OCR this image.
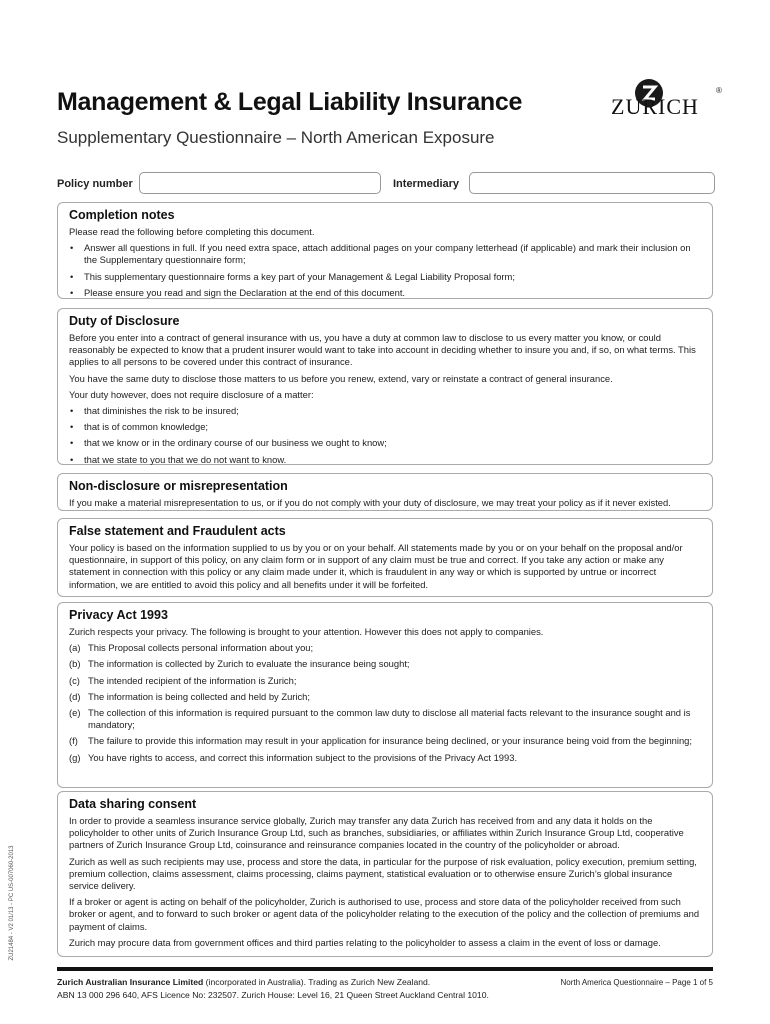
Management & Legal Liability Insurance
Supplementary Questionnaire – North American Exposure
ZURICH
®
Policy number	Intermediary
Completion notes

Please read the following before completing this document.

•	Answer all questions in full. If you need extra space, attach additional pages on your company letterhead (if applicable) and mark their inclusion on the Supplementary questionnaire form;
•	This supplementary questionnaire forms a key part of your Management & Legal Liability Proposal form;
•	Please ensure you read and sign the Declaration at the end of this document.
Duty of Disclosure

Before you enter into a contract of general insurance with us, you have a duty at common law to disclose to us every matter you know, or could reasonably be expected to know that a prudent insurer would want to take into account in deciding whether to insure you and, if so, on what terms. This applies to all persons to be covered under this contract of insurance.

You have the same duty to disclose those matters to us before you renew, extend, vary or reinstate a contract of general insurance.

Your duty however, does not require disclosure of a matter:

•	that diminishes the risk to be insured;
•	that is of common knowledge;
•	that we know or in the ordinary course of our business we ought to know;
•	that we state to you that we do not want to know.
Non-disclosure or misrepresentation

If you make a material misrepresentation to us, or if you do not comply with your duty of disclosure, we may treat your policy as if it never existed.

False statement and Fraudulent acts

Your policy is based on the information supplied to us by you or on your behalf. All statements made by you or on your behalf on the proposal and/or questionnaire, in support of this policy, on any claim form or in support of any claim must be true and correct. If you take any action or make any statement in connection with this policy or any claim made under it, which is fraudulent in any way or which is supported by untrue or incorrect information, we are entitled to avoid this policy and all benefits under it will be forfeited.

Privacy Act 1993

Zurich respects your privacy. The following is brought to your attention. However this does not apply to companies.

(a) This Proposal collects personal information about you;
(b) The information is collected by Zurich to evaluate the insurance being sought;
(c) The intended recipient of the information is Zurich;
(d) The information is being collected and held by Zurich;
(e) The collection of this information is required pursuant to the common law duty to disclose all material facts relevant to the insurance sought and is mandatory;
(f)	The failure to provide this information may result in your application for insurance being declined, or your insurance being void from the beginning;
(g) You have rights to access, and correct this information subject to the provisions of the Privacy Act 1993.
Data sharing consent

In order to provide a seamless insurance service globally, Zurich may transfer any data Zurich has received from and any data it holds on the policyholder to other units of Zurich Insurance Group Ltd, such as branches, subsidiaries, or affiliates within Zurich Insurance Group Ltd, cooperative partners of Zurich Insurance Group Ltd, coinsurance and reinsurance companies located in the country of the policyholder or abroad.

Zurich as well as such recipients may use, process and store the data, in particular for the purpose of risk evaluation, policy execution, premium setting, premium collection, claims assessment, claims processing, claims payment, statistical evaluation or to otherwise ensure Zurich’s global insurance service delivery.

If a broker or agent is acting on behalf of the policyholder, Zurich is authorised to use, process and store data of the policyholder received from such broker or agent, and to forward to such broker or agent data of the policyholder relating to the execution of the policy and the collection of premiums and payment of claims.

Zurich may procure data from government offices and third parties relating to the policyholder to assess a claim in the event of loss or damage.

ZU21484 - V2 01/13 - PC US-007060-2013
Zurich Australian Insurance Limited (incorporated in Australia). Trading as Zurich New Zealand.
ABN 13 000 296 640, AFS Licence No: 232507. Zurich House: Level 16, 21 Queen Street Auckland Central 1010.
North America Questionnaire – Page 1 of 5
